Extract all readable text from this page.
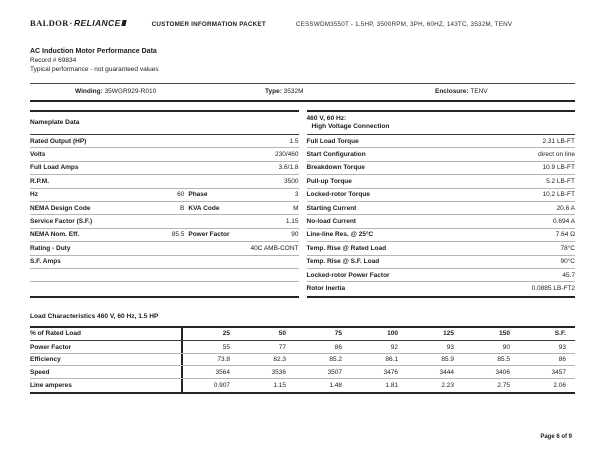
BALDOR·RELIANCE	CUSTOMER INFORMATION PACKET	CESSWDM3550T - 1.5HP, 3500RPM, 3PH, 60HZ, 143TC, 3532M, TENV
AC Induction Motor Performance Data
Record # 69834
Typical performance - not guaranteed values
Winding: 35WGR929-R010	Type: 3532M	Enclosure: TENV
Nameplate Data
Rated Output (HP)	1.5
Volts	230/460
Full Load Amps	3.6/1.8
R.P.M.	3500
Hz	60 Phase	3
NEMA Design Code	B KVA Code	M
Service Factor (S.F.)	1.15
NEMA Nom. Eff.	85.5 Power Factor	90
Rating - Duty	40C AMB-CONT
S.F. Amps
460 V, 60 Hz:
High Voltage Connection
Full Load Torque	2.31 LB-FT
Start Configuration	direct on line
Breakdown Torque	10.9 LB-FT
Pull-up Torque	5.2 LB-FT
Locked-rotor Torque	10.2 LB-FT
Starting Current	20.6 A
No-load Current	0.694 A
Line-line Res. @ 25°C	7.64 Ω
Temp. Rise @ Rated Load	78°C
Temp. Rise @ S.F. Load	90°C
Locked-rotor Power Factor	45.7
Rotor Inertia	0.0885 LB-FT2
Load Characteristics 460 V, 60 Hz, 1.5 HP
% of Rated Load	25	50	75	100	125	150	S.F.
Power Factor	55	77	86	92	93	90	93
Efficiency	73.8	82.3	85.2	86.1	85.9	85.5	86
Speed	3564	3536	3507	3476	3444	3406	3457
Line amperes	0.907	1.15	1.48	1.81	2.23	2.75	2.06
Page 6 of 9
